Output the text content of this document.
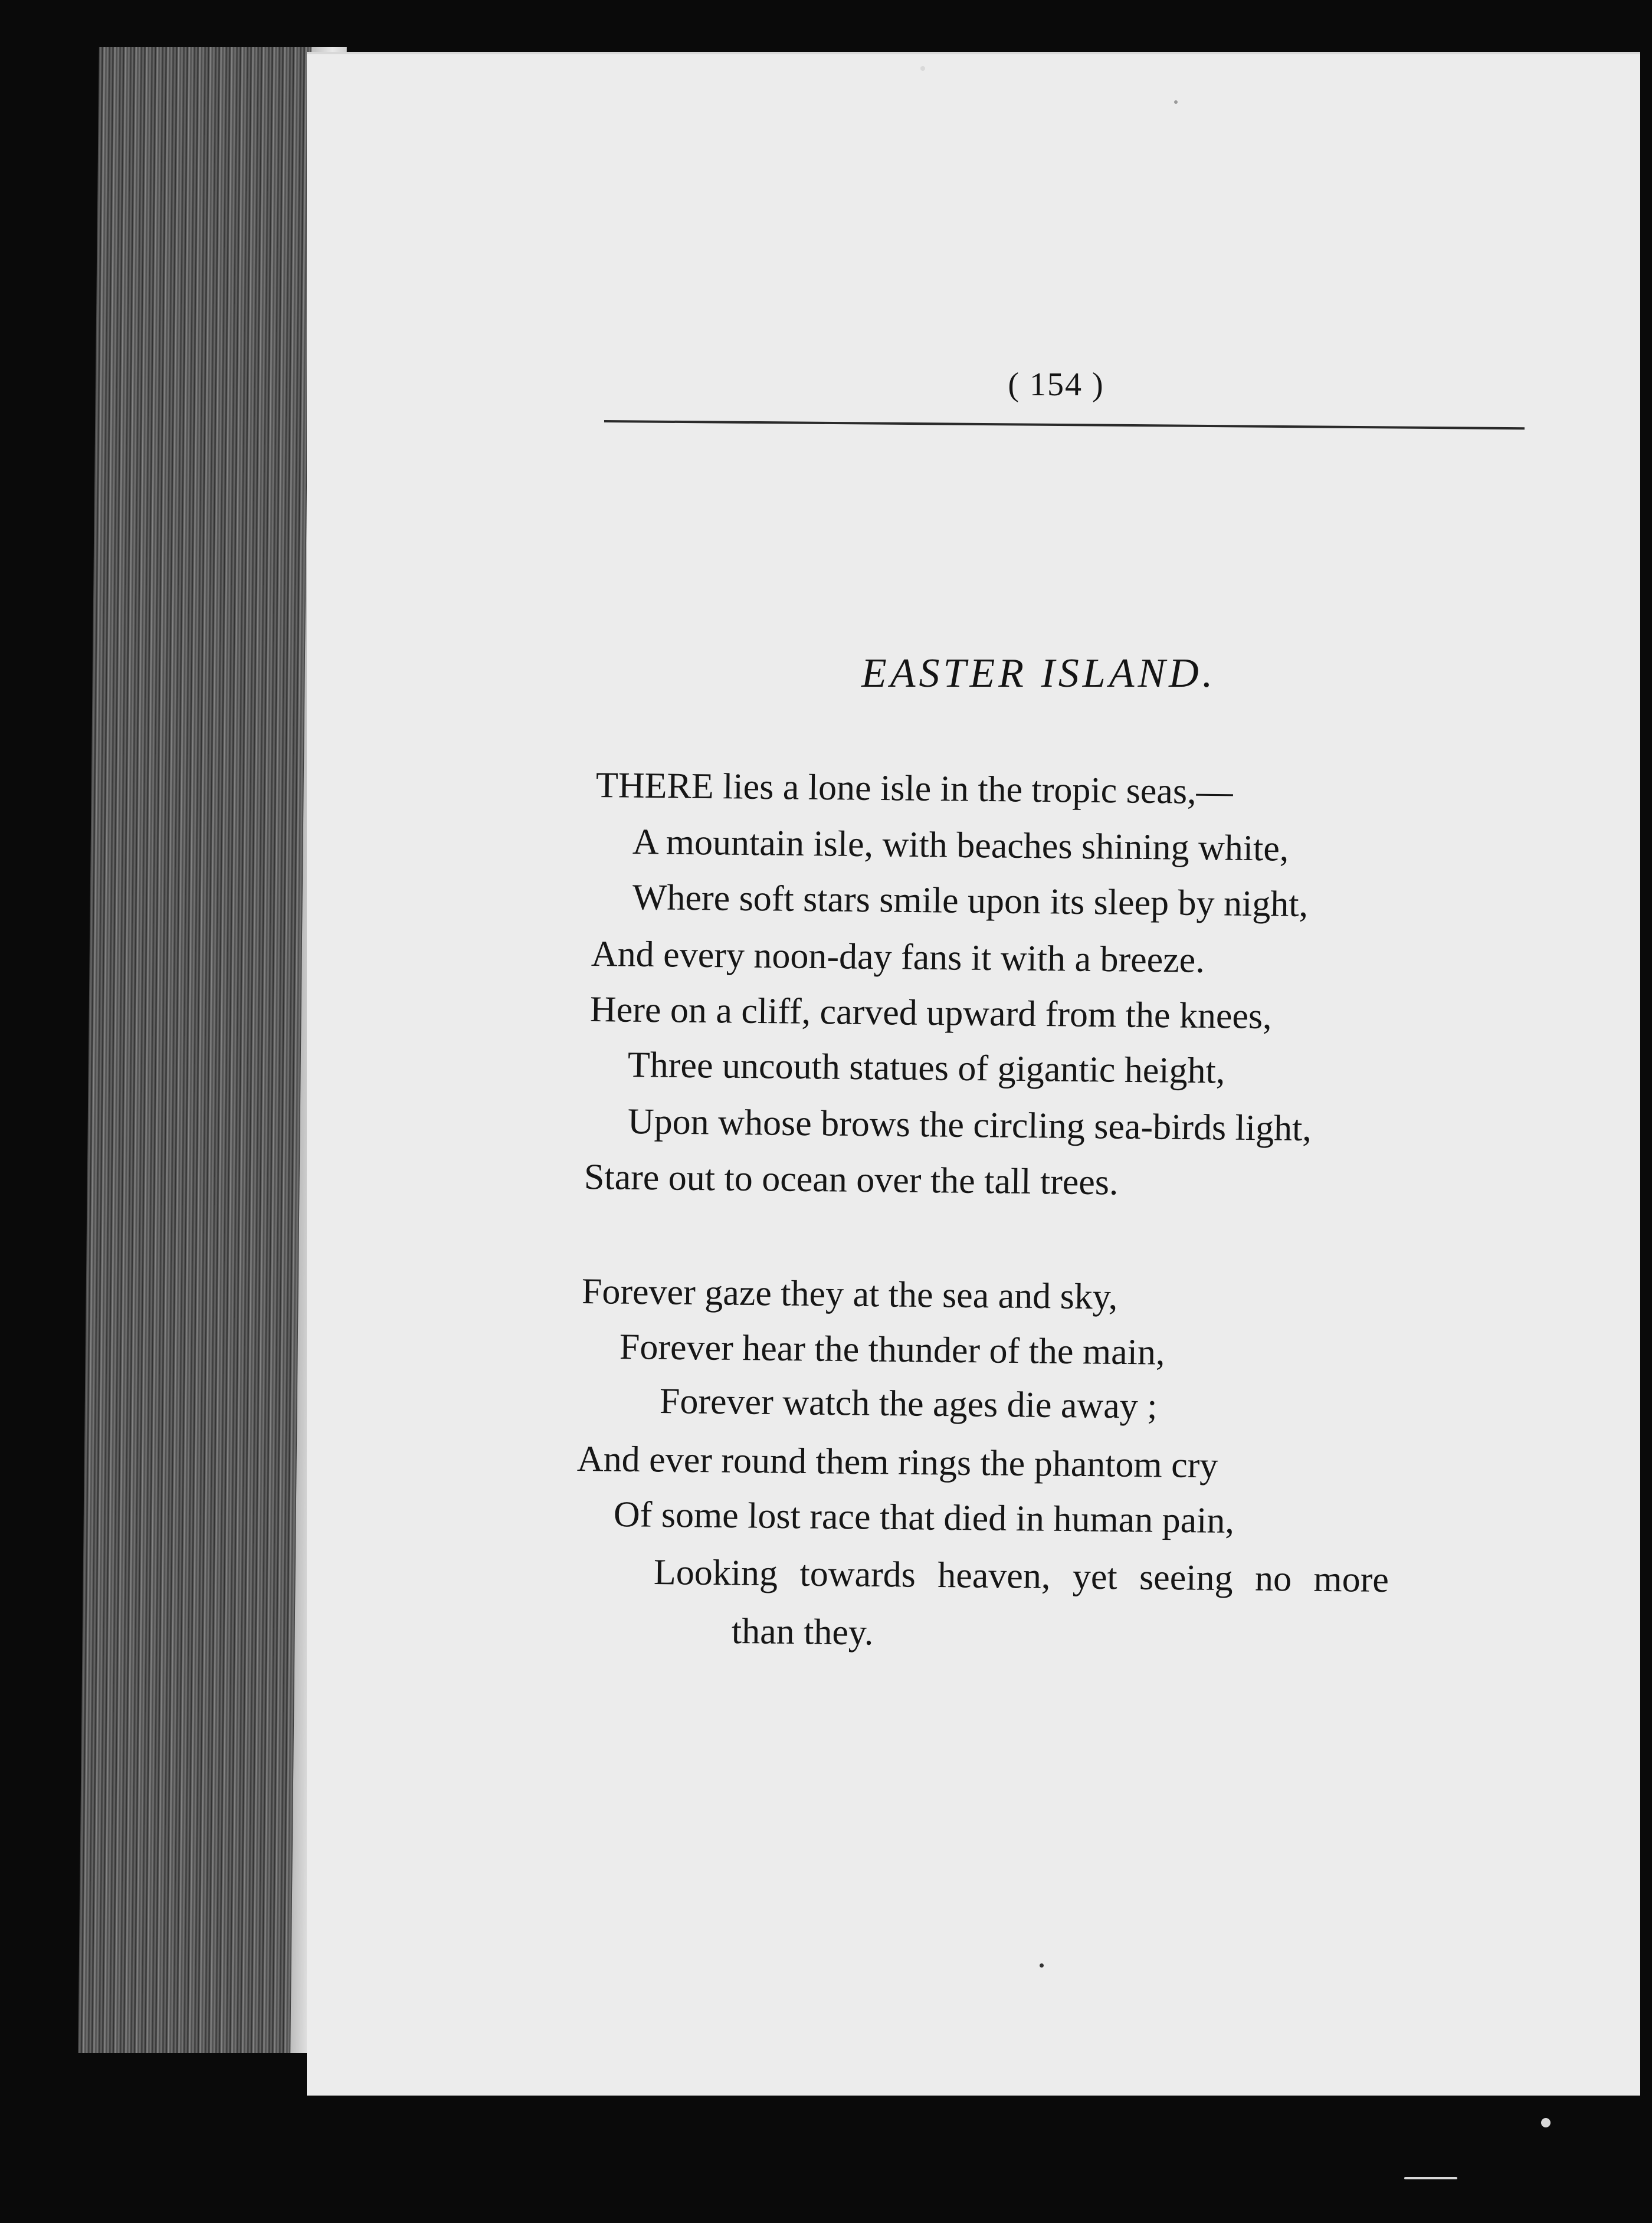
( 154 )
EASTER ISLAND.
THERE lies a lone isle in the tropic seas,—
A mountain isle, with beaches shining white,
Where soft stars smile upon its sleep by night,
And every noon-day fans it with a breeze.
Here on a cliff, carved upward from the knees,
Three uncouth statues of gigantic height,
Upon whose brows the circling sea-birds light,
Stare out to ocean over the tall trees.
Forever gaze they at the sea and sky,
Forever hear the thunder of the main,
Forever watch the ages die away ;
And ever round them rings the phantom cry
Of some lost race that died in human pain,
Looking towards heaven, yet seeing no more
than they.
